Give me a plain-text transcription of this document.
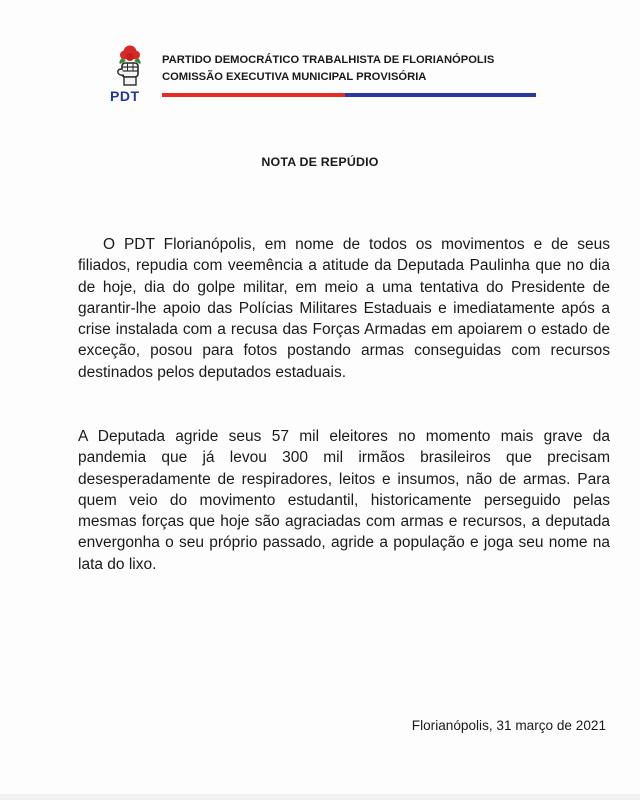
PDT
PARTIDO DEMOCRÁTICO TRABALHISTA DE FLORIANÓPOLIS
COMISSÃO EXECUTIVA MUNICIPAL PROVISÓRIA
NOTA DE REPÚDIO

O PDT Florianópolis, em nome de todos os movimentos e de seus filiados, repudia com veemência a atitude da Deputada Paulinha que no dia de hoje, dia do golpe militar, em meio a uma tentativa do Presidente de garantir-lhe apoio das Polícias Militares Estaduais e imediatamente após a crise instalada com a recusa das Forças Armadas em apoiarem o estado de exceção, posou para fotos postando armas conseguidas com recursos destinados pelos deputados estaduais.

A Deputada agride seus 57 mil eleitores no momento mais grave da pandemia que já levou 300 mil irmãos brasileiros que precisam desesperadamente de respiradores, leitos e insumos, não de armas. Para quem veio do movimento estudantil, historicamente perseguido pelas mesmas forças que hoje são agraciadas com armas e recursos, a deputada envergonha o seu próprio passado, agride a população e joga seu nome na lata do lixo.

Florianópolis, 31 março de 2021
